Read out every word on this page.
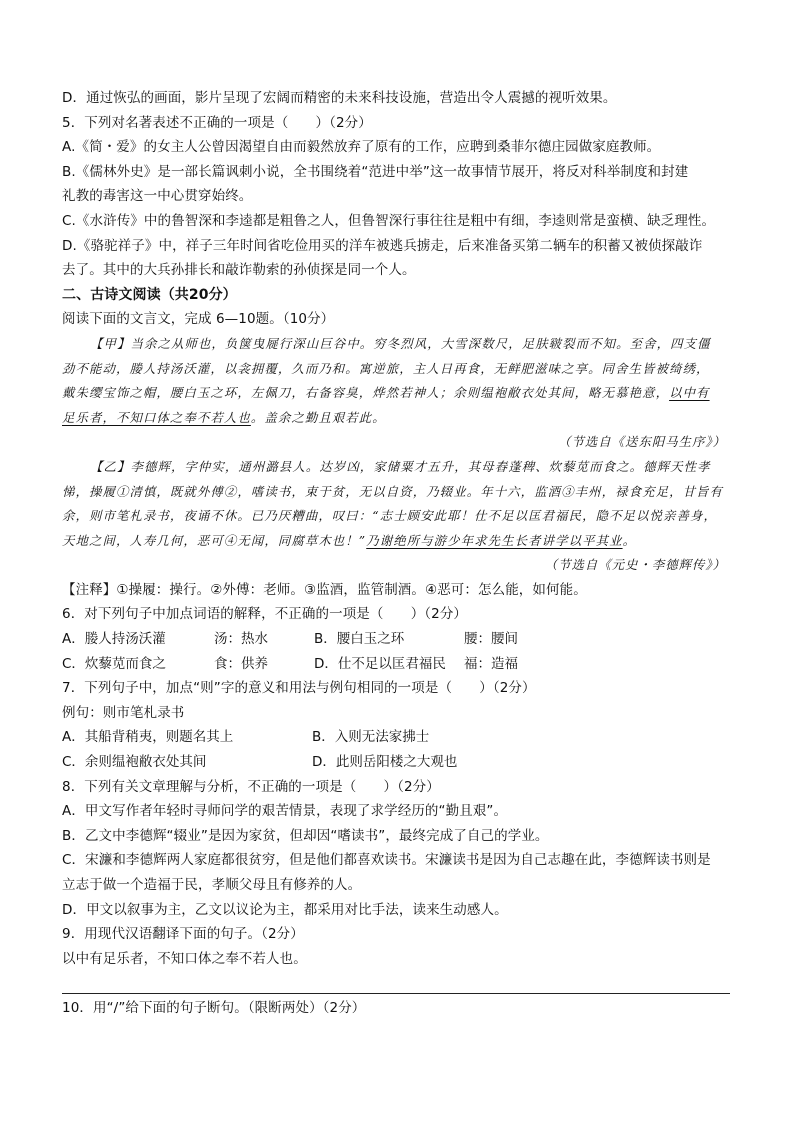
D．通过恢弘的画面，影片呈现了宏阔而精密的未来科技设施，营造出令人震撼的视听效果。
5．下列对名著表述不正确的一项是（　　）（2分）
A.《简・爱》的女主人公曾因渴望自由而毅然放弃了原有的工作，应聘到桑菲尔德庄园做家庭教师。
B.《儒林外史》是一部长篇讽刺小说，全书围绕着“范进中举”这一故事情节展开，将反对科举制度和封建
礼教的毒害这一中心贯穿始终。
C.《水浒传》中的鲁智深和李逵都是粗鲁之人，但鲁智深行事往往是粗中有细，李逵则常是蛮横、缺乏理性。
D.《骆驼祥子》中，祥子三年时间省吃俭用买的洋车被逃兵掳走，后来准备买第二辆车的积蓄又被侦探敲诈
去了。其中的大兵孙排长和敲诈勒索的孙侦探是同一个人。
二、古诗文阅读（共20分）
阅读下面的文言文，完成 6—10题。（10分）
【甲】当余之从师也，负箧曳屣行深山巨谷中。穷冬烈风，大雪深数尺，足肤皲裂而不知。至舍，四支僵
劲不能动，媵人持汤沃灌，以衾拥覆，久而乃和。寓逆旅，主人日再食，无鲜肥滋味之享。同舍生皆被绮绣，
戴朱缨宝饰之帽，腰白玉之环，左佩刀，右备容臭，烨然若神人；余则缊袍敝衣处其间，略无慕艳意，以中有
足乐者，不知口体之奉不若人也。盖余之勤且艰若此。
（节选自《送东阳马生序》）
【乙】李德辉，字仲实，通州潞县人。达岁凶，家储粟才五升，其母舂蓬稗、炊藜苋而食之。德辉天性孝
悌，操履①清慎，既就外傅②，嗜读书，束于贫，无以自资，乃辍业。年十六，监酒③丰州，禄食充足，甘旨有
余，则市笔札录书，夜诵不休。已乃厌糟曲，叹曰：“志士顾安此耶！仕不足以匡君福民，隐不足以悦亲善身，
天地之间，人寿几何，恶可④无闻，同腐草木也！”乃谢绝所与游少年求先生长者讲学以平其业。
（节选自《元史・李德辉传》）
【注释】①操履：操行。②外傅：老师。③监酒，监管制酒。④恶可：怎么能，如何能。
6．对下列句子中加点词语的解释，不正确的一项是（　　）（2分）
A．媵人持汤沃灌	汤：热水	B．腰白玉之环	腰：腰间
C．炊藜苋而食之	食：供养	D．仕不足以匡君福民	福：造福
7．下列句子中，加点“则”字的意义和用法与例句相同的一项是（　　）（2分）
例句：则市笔札录书
A．其船背稍夷，则题名其上	B．入则无法家拂士
C．余则缊袍敝衣处其间	D．此则岳阳楼之大观也
8．下列有关文章理解与分析，不正确的一项是（　　）（2分）
A．甲文写作者年轻时寻师问学的艰苦情景，表现了求学经历的“勤且艰”。
B．乙文中李德辉“辍业”是因为家贫，但却因“嗜读书”，最终完成了自己的学业。
C．宋濂和李德辉两人家庭都很贫穷，但是他们都喜欢读书。宋濂读书是因为自己志趣在此，李德辉读书则是
立志于做一个造福于民，孝顺父母且有修养的人。
D．甲文以叙事为主，乙文以议论为主，都采用对比手法，读来生动感人。
9．用现代汉语翻译下面的句子。（2分）
以中有足乐者，不知口体之奉不若人也。
10．用“/”给下面的句子断句。（限断两处）（2分）
